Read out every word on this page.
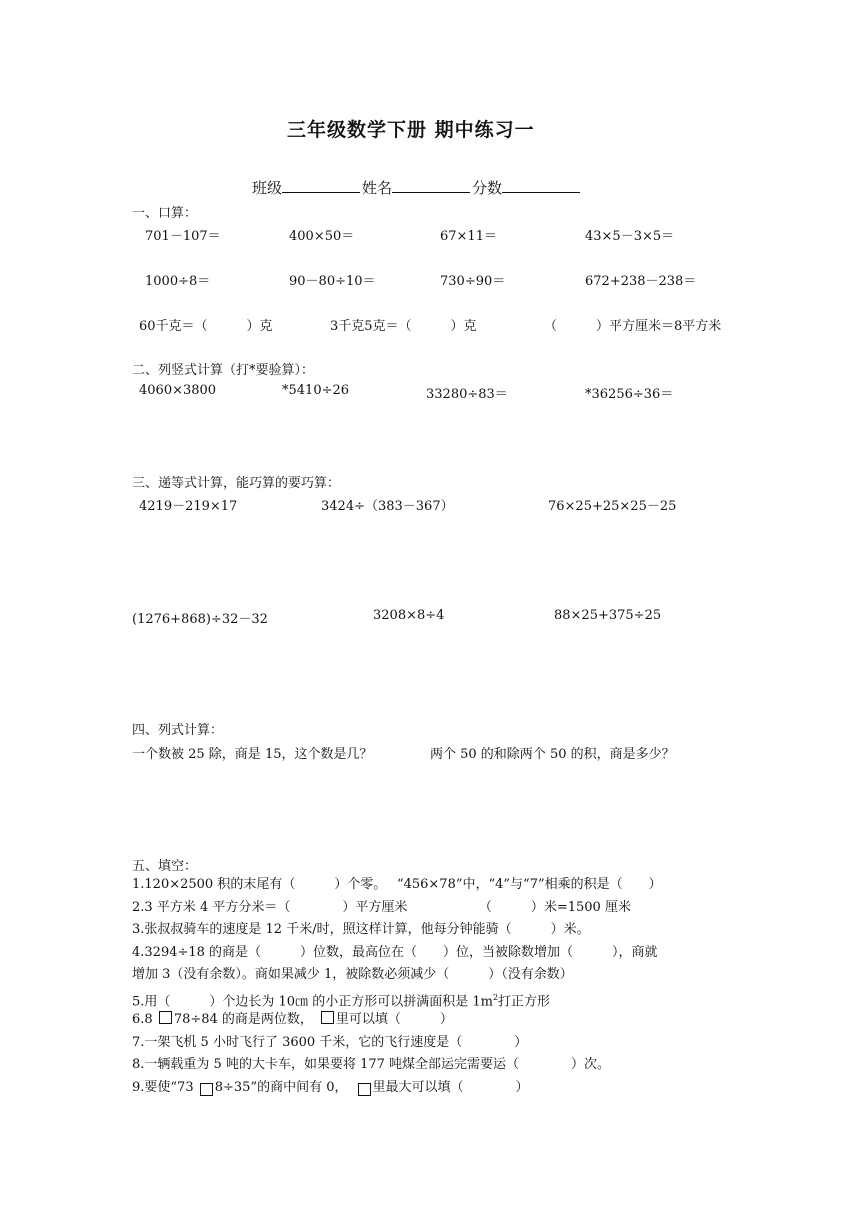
三年级数学下册 期中练习一
班级	姓名	分数
一、口算：
701－107＝	400×50＝	67×11＝	43×5－3×5＝
1000÷8＝	90－80÷10＝	730÷90＝	672+238－238＝
60千克＝（　　　）克	3千克5克＝（　　　）克	（　　　）平方厘米＝8平方米
二、列竖式计算（打*要验算）：
4060×3800	*5410÷26	33280÷83＝	*36256÷36＝
三、递等式计算，能巧算的要巧算：
4219－219×17	3424÷（383－367）	76×25+25×25－25
(1276+868)÷32－32	3208×8÷4	88×25+375÷25
四、列式计算：
一个数被 25 除，商是 15，这个数是几？	两个 50 的和除两个 50 的积，商是多少？
五、填空：
1.120×2500 积的末尾有（　　　）个零。　 “456×78”中，“4”与“7”相乘的积是（　　）
2.3 平方米 4 平方分米＝（　　　　）平方厘米　　　　　　（　　　）米=1500 厘米
3.张叔叔骑车的速度是 12 千米/时，照这样计算，他每分钟能骑（　　　）米。
4.3294÷18 的商是（　　　）位数，最高位在（　　）位，当被除数增加（　　　），商就
增加 3（没有余数）。商如果减少 1，被除数必须减少（　　　）（没有余数）
5.用（　　　）个边长为 10㎝ 的小正方形可以拼满面积是 $1m^2$打正方形
6.8 78÷84 的商是两位数， 里可以填（　　　）
7.一架飞机 5 小时飞行了 3600 千米，它的飞行速度是（　　　　）
8.一辆载重为 5 吨的大卡车，如果要将 177 吨煤全部运完需要运（　　　　）次。
9.要使“73 8÷35”的商中间有 0， 里最大可以填（　　　　）
